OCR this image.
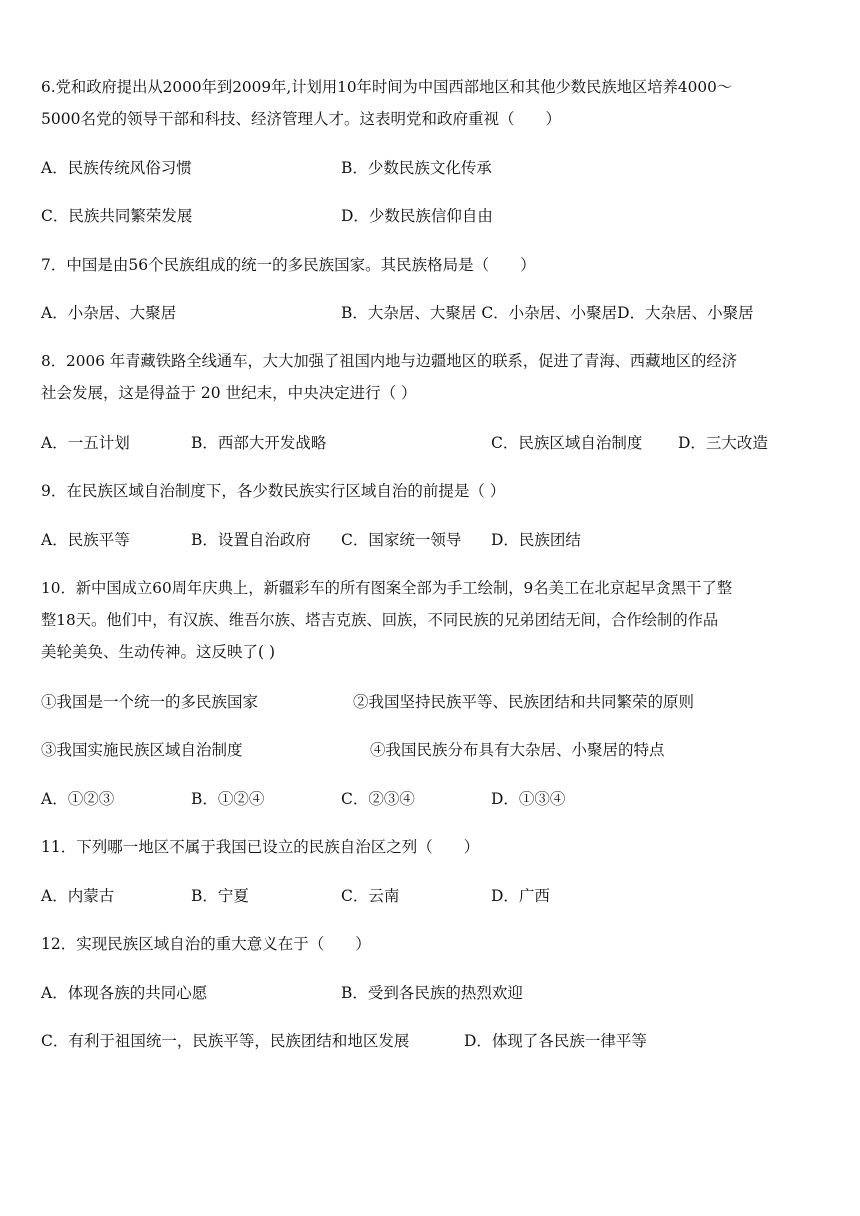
6.党和政府提出从2000年到2009年,计划用10年时间为中国西部地区和其他少数民族地区培养4000～
5000名党的领导干部和科技、经济管理人才。这表明党和政府重视（　　）
A．民族传统风俗习惯	B．少数民族文化传承
C．民族共同繁荣发展	D．少数民族信仰自由
7．中国是由56个民族组成的统一的多民族国家。其民族格局是（　　）
A．小杂居、大聚居	B．大杂居、大聚居 C．小杂居、小聚居D．大杂居、小聚居
8．2006 年青藏铁路全线通车，大大加强了祖国内地与边疆地区的联系，促进了青海、西藏地区的经济
社会发展，这是得益于 20 世纪末，中央决定进行（ ）
A．一五计划	B．西部大开发战略	C．民族区域自治制度 D．三大改造
9．在民族区域自治制度下，各少数民族实行区域自治的前提是（ ）
A．民族平等	B．设置自治政府 C．国家统一领导 D．民族团结
10．新中国成立60周年庆典上，新疆彩车的所有图案全部为手工绘制，9名美工在北京起早贪黑干了整
整18天。他们中，有汉族、维吾尔族、塔吉克族、回族，不同民族的兄弟团结无间，合作绘制的作品
美轮美奂、生动传神。这反映了( )
①我国是一个统一的多民族国家	②我国坚持民族平等、民族团结和共同繁荣的原则
③我国实施民族区域自治制度	④我国民族分布具有大杂居、小聚居的特点
A．①②③	B．①②④	C．②③④	D．①③④
11．下列哪一地区不属于我国已设立的民族自治区之列（　　）
A．内蒙古	B．宁夏	C．云南	D．广西
12．实现民族区域自治的重大意义在于（　　）
A．体现各族的共同心愿	B．受到各民族的热烈欢迎
C．有利于祖国统一，民族平等，民族团结和地区发展	D．体现了各民族一律平等
